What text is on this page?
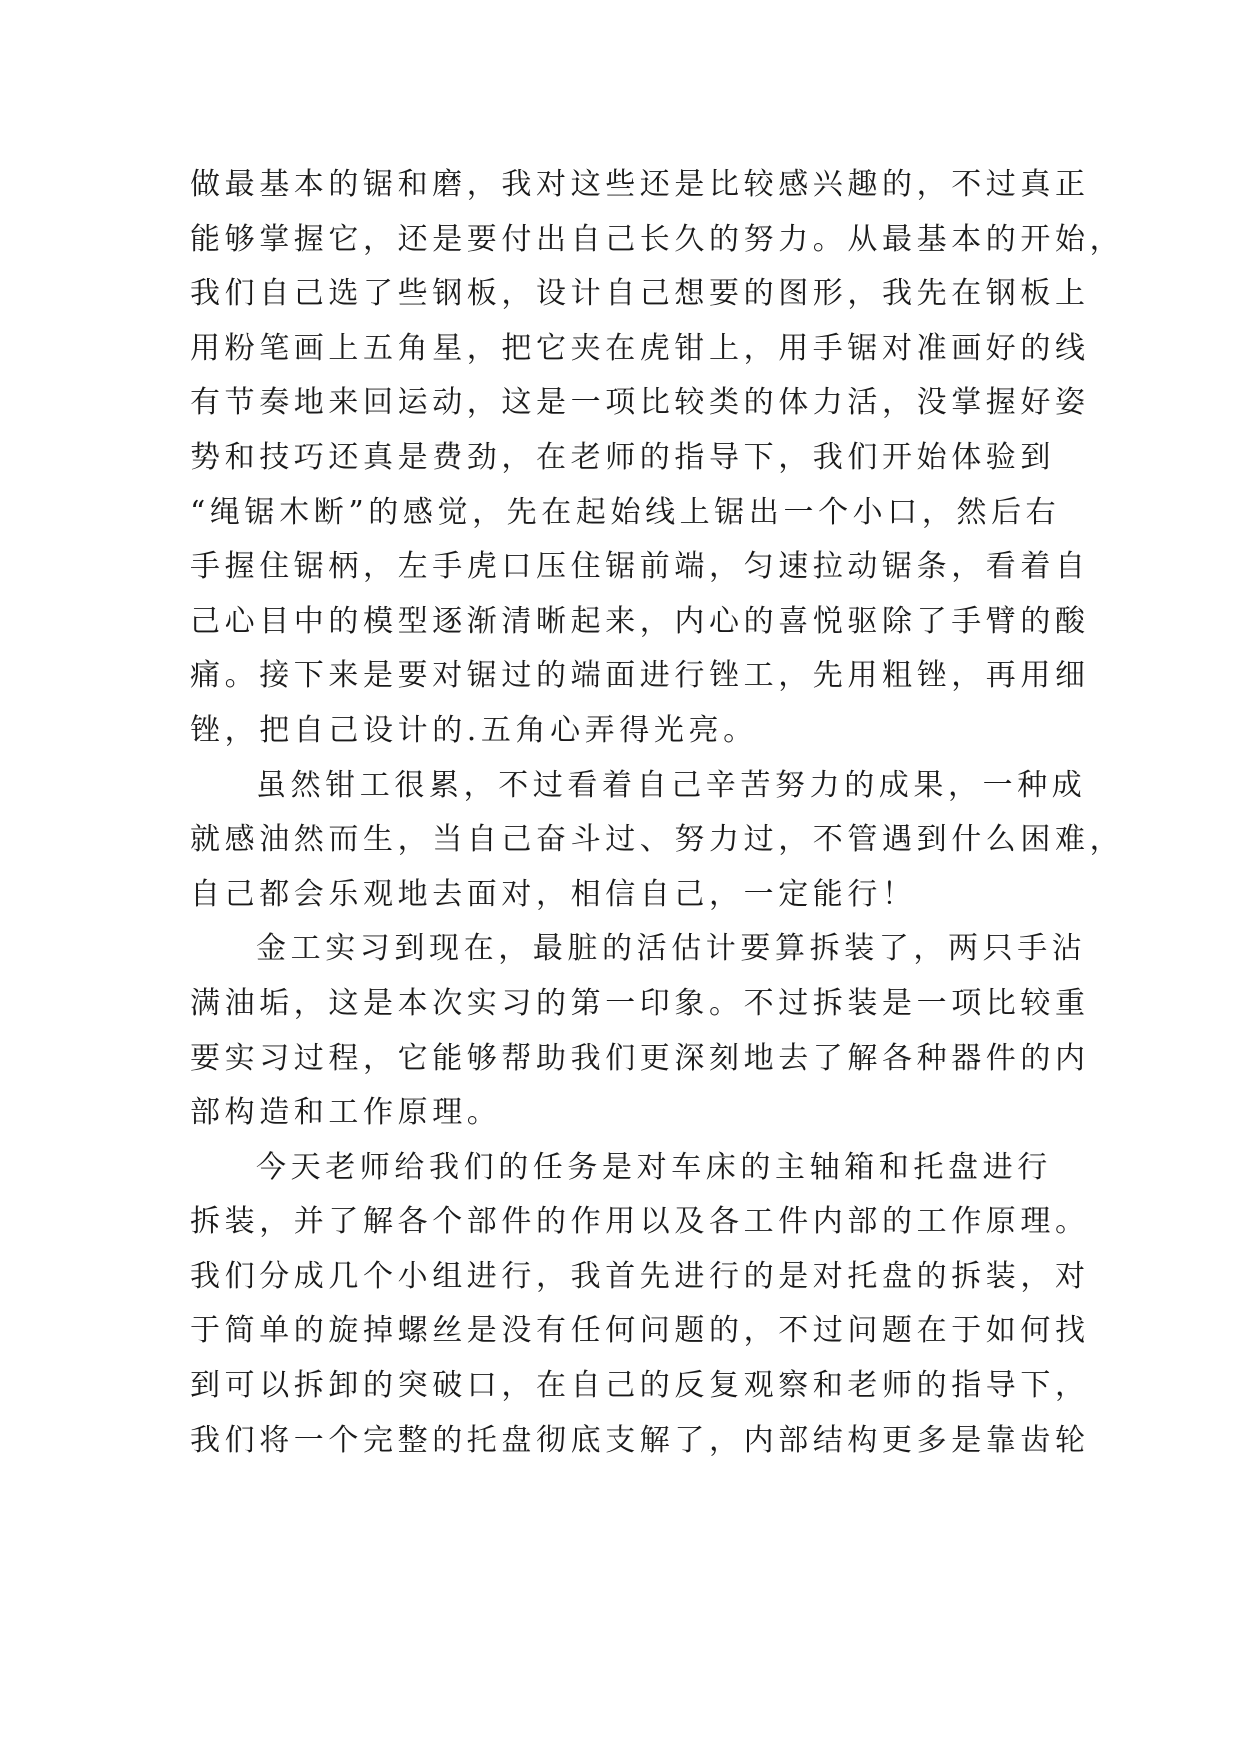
做最基本的锯和磨，我对这些还是比较感兴趣的，不过真正
能够掌握它，还是要付出自己长久的努力。从最基本的开始，
我们自己选了些钢板，设计自己想要的图形，我先在钢板上
用粉笔画上五角星，把它夹在虎钳上，用手锯对准画好的线
有节奏地来回运动，这是一项比较类的体力活，没掌握好姿
势和技巧还真是费劲，在老师的指导下，我们开始体验到
“绳锯木断”的感觉，先在起始线上锯出一个小口，然后右
手握住锯柄，左手虎口压住锯前端，匀速拉动锯条，看着自
己心目中的模型逐渐清晰起来，内心的喜悦驱除了手臂的酸
痛。接下来是要对锯过的端面进行锉工，先用粗锉，再用细
锉，把自己设计的.五角心弄得光亮。
虽然钳工很累，不过看着自己辛苦努力的成果，一种成
就感油然而生，当自己奋斗过、努力过，不管遇到什么困难，
自己都会乐观地去面对，相信自己，一定能行！
金工实习到现在，最脏的活估计要算拆装了，两只手沾
满油垢，这是本次实习的第一印象。不过拆装是一项比较重
要实习过程，它能够帮助我们更深刻地去了解各种器件的内
部构造和工作原理。
今天老师给我们的任务是对车床的主轴箱和托盘进行
拆装，并了解各个部件的作用以及各工件内部的工作原理。
我们分成几个小组进行，我首先进行的是对托盘的拆装，对
于简单的旋掉螺丝是没有任何问题的，不过问题在于如何找
到可以拆卸的突破口，在自己的反复观察和老师的指导下，
我们将一个完整的托盘彻底支解了，内部结构更多是靠齿轮
